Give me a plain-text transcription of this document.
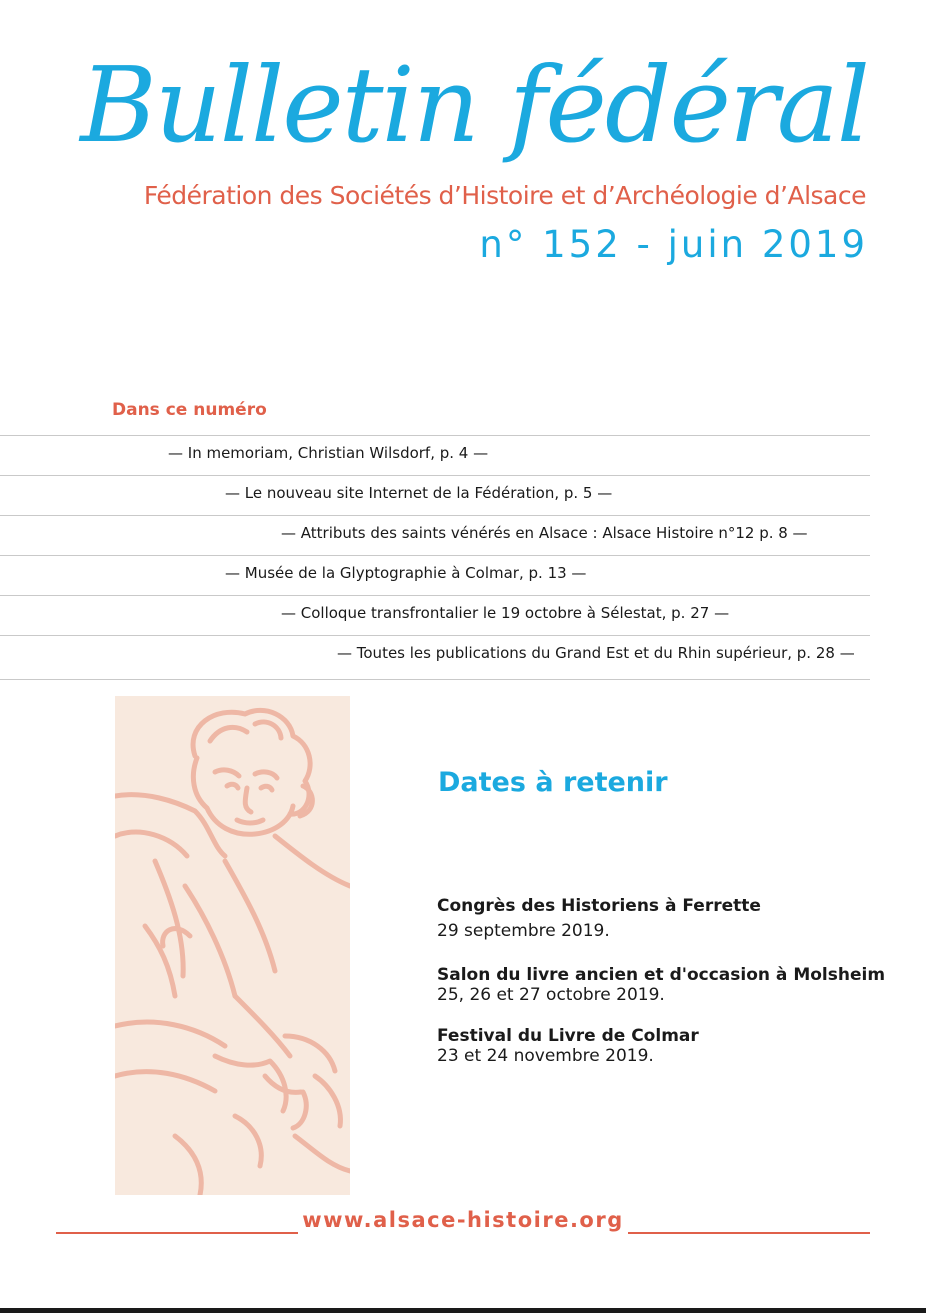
Bulletin fédéral
Fédération des Sociétés d’Histoire et d’Archéologie d’Alsace
n° 152 - juin 2019
Dans ce numéro
— In memoriam, Christian Wilsdorf, p. 4 —
— Le nouveau site Internet de la Fédération, p. 5 —
— Attributs des saints vénérés en Alsace : Alsace Histoire n°12 p. 8 —
— Musée de la Glyptographie à Colmar, p. 13 —
— Colloque transfrontalier le 19 octobre à Sélestat, p. 27 —
— Toutes les publications du Grand Est et du Rhin supérieur, p. 28 —
Dates à retenir
Congrès des Historiens à Ferrette
29 septembre 2019.
Salon du livre ancien et d'occasion à Molsheim
25, 26 et 27 octobre 2019.
Festival du Livre de Colmar
23 et 24 novembre 2019.
www.alsace-histoire.org
